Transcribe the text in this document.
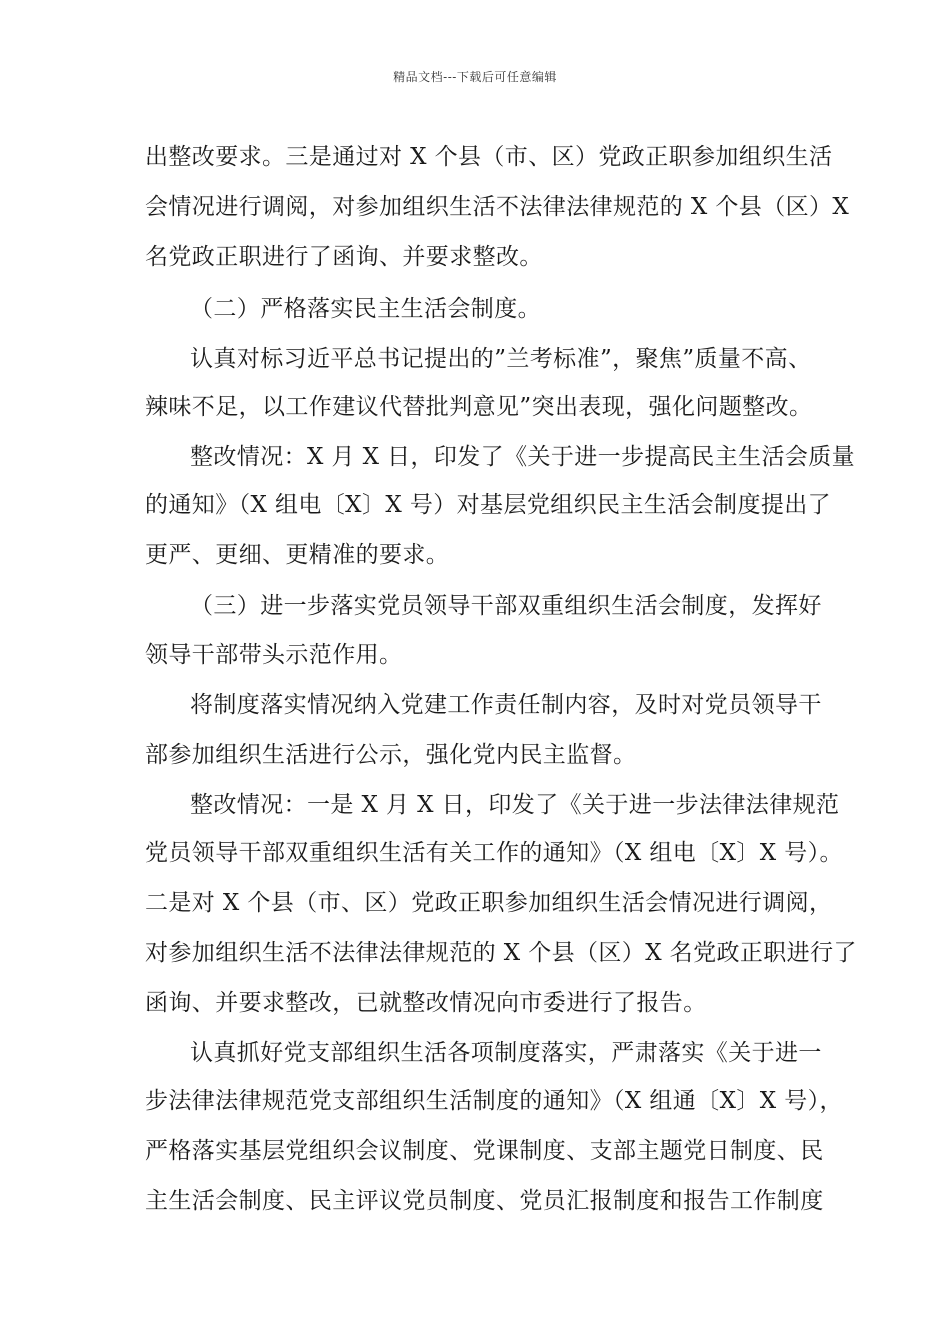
精品文档---下载后可任意编辑
出整改要求。三是通过对 X 个县（市、区）党政正职参加组织生活
会情况进行调阅，对参加组织生活不法律法律规范的 X 个县（区）X
名党政正职进行了函询、并要求整改。
（二）严格落实民主生活会制度。
认真对标习近平总书记提出的”兰考标准”，聚焦”质量不高、
辣味不足，以工作建议代替批判意见”突出表现，强化问题整改。
整改情况：X 月 X 日，印发了《关于进一步提高民主生活会质量
的通知》（X 组电〔X〕X 号）对基层党组织民主生活会制度提出了
更严、更细、更精准的要求。
（三）进一步落实党员领导干部双重组织生活会制度，发挥好
领导干部带头示范作用。
将制度落实情况纳入党建工作责任制内容，及时对党员领导干
部参加组织生活进行公示，强化党内民主监督。
整改情况：一是 X 月 X 日，印发了《关于进一步法律法律规范
党员领导干部双重组织生活有关工作的通知》（X 组电〔X〕X 号）。
二是对 X 个县（市、区）党政正职参加组织生活会情况进行调阅，
对参加组织生活不法律法律规范的 X 个县（区）X 名党政正职进行了
函询、并要求整改，已就整改情况向市委进行了报告。
认真抓好党支部组织生活各项制度落实，严肃落实《关于进一
步法律法律规范党支部组织生活制度的通知》（X 组通〔X〕X 号），
严格落实基层党组织会议制度、党课制度、支部主题党日制度、民
主生活会制度、民主评议党员制度、党员汇报制度和报告工作制度
